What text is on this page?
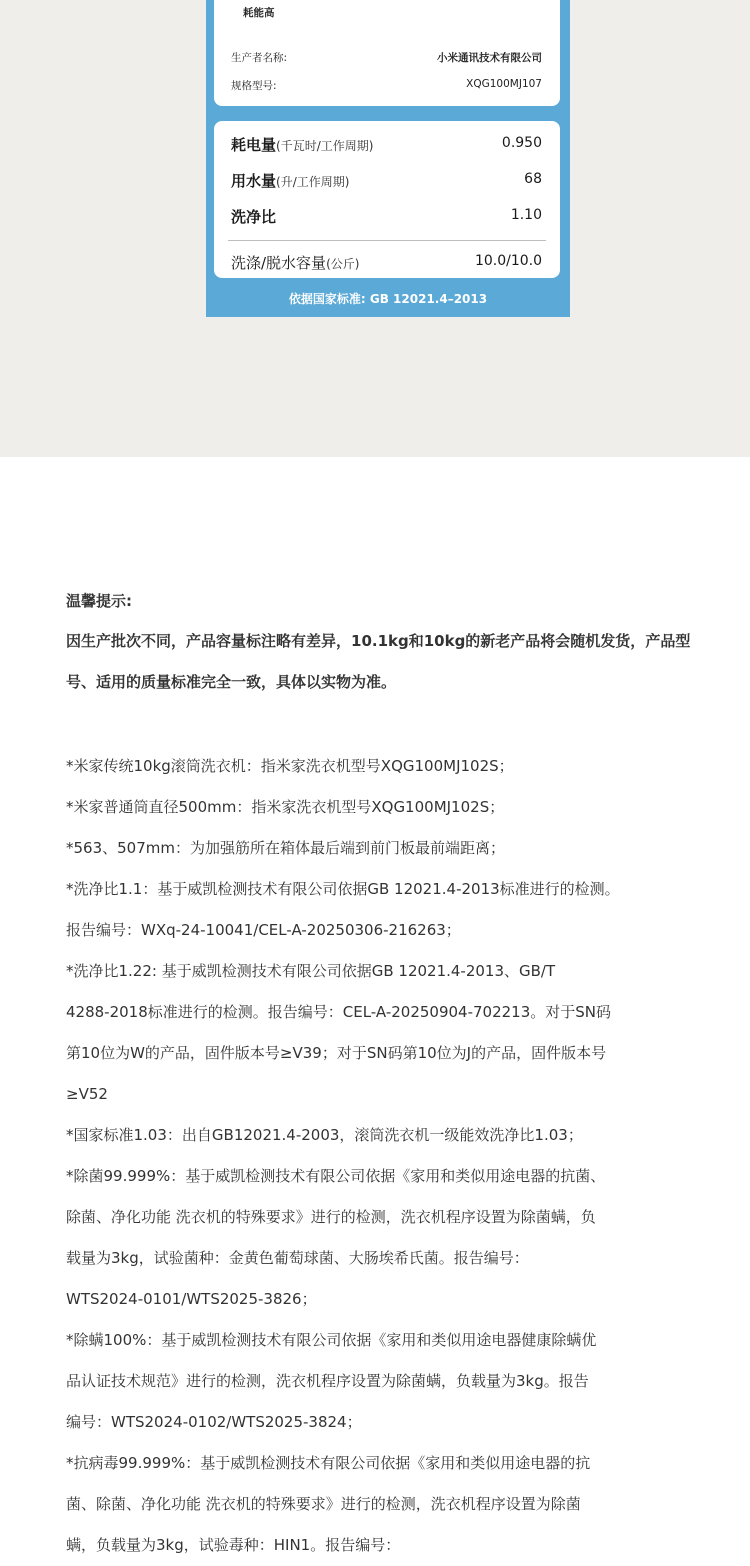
耗能高
生产者名称:	小米通讯技术有限公司
规格型号:	XQG100MJ107
耗电量(千瓦时/工作周期)	0.950
用水量(升/工作周期)	68
洗净比	1.10
洗涤/脱水容量(公斤)	10.0/10.0
依据国家标准: GB 12021.4–2013
温馨提示:
因生产批次不同，产品容量标注略有差异，10.1kg和10kg的新老产品将会随机发货，产品型号、适用的质量标准完全一致，具体以实物为准。
*米家传统10kg滚筒洗衣机：指米家洗衣机型号XQG100MJ102S；
*米家普通筒直径500mm：指米家洗衣机型号XQG100MJ102S；
*563、507mm：为加强筋所在箱体最后端到前门板最前端距离；
*洗净比1.1：基于威凯检测技术有限公司依据GB 12021.4-2013标准进行的检测。
报告编号：WXq-24-10041/CEL-A-20250306-216263；
*洗净比1.22: 基于威凯检测技术有限公司依据GB 12021.4-2013、GB/T
4288-2018标准进行的检测。报告编号：CEL-A-20250904-702213。对于SN码
第10位为W的产品，固件版本号≥V39；对于SN码第10位为J的产品，固件版本号
≥V52
*国家标准1.03：出自GB12021.4-2003，滚筒洗衣机一级能效洗净比1.03；
*除菌99.999%：基于威凯检测技术有限公司依据《家用和类似用途电器的抗菌、
除菌、净化功能 洗衣机的特殊要求》进行的检测，洗衣机程序设置为除菌螨，负
载量为3kg，试验菌种：金黄色葡萄球菌、大肠埃希氏菌。报告编号：
WTS2024-0101/WTS2025-3826；
*除螨100%：基于威凯检测技术有限公司依据《家用和类似用途电器健康除螨优
品认证技术规范》进行的检测，洗衣机程序设置为除菌螨，负载量为3kg。报告
编号：WTS2024-0102/WTS2025-3824；
*抗病毒99.999%：基于威凯检测技术有限公司依据《家用和类似用途电器的抗
菌、除菌、净化功能 洗衣机的特殊要求》进行的检测，洗衣机程序设置为除菌
螨，负载量为3kg，试验毒种：HIN1。报告编号：
